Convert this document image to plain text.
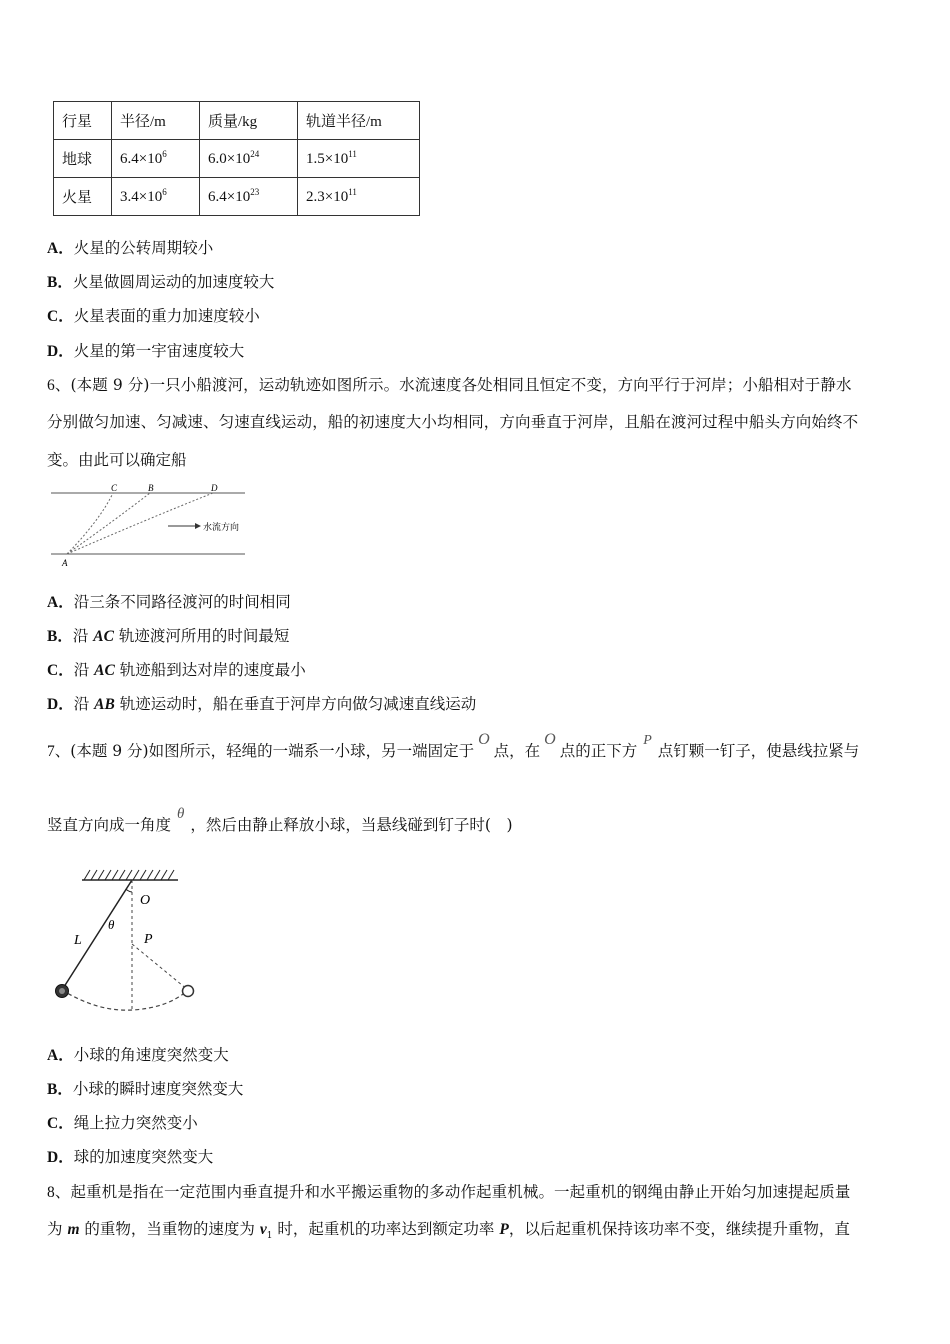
行星	半径/m	质量/kg	轨道半径/m
地球	$6.4\times 10^6$	$6.0\times 10^{24}$	$1.5\times 10^{11}$
火星	$3.4\times 10^6$	$6.4\times 10^{23}$	$2.3\times 10^{11}$
A．火星的公转周期较小
B．火星做圆周运动的加速度较大
C．火星表面的重力加速度较小
D．火星的第一宇宙速度较大
6、(本题 9 分)一只小船渡河，运动轨迹如图所示。水流速度各处相同且恒定不变，方向平行于河岸；小船相对于静水
分别做匀加速、匀减速、匀速直线运动，船的初速度大小均相同，方向垂直于河岸，且船在渡河过程中船头方向始终不
变。由此可以确定船
C	B	D
A
水流方向
A．沿三条不同路径渡河的时间相同
B．沿 AC 轨迹渡河所用的时间最短
C．沿 AC 轨迹船到达对岸的速度最小
D．沿 AB 轨迹运动时，船在垂直于河岸方向做匀减速直线运动
7、(本题 9 分)如图所示，轻绳的一端系一小球，另一端固定于O点，在O点的正下方P点钉颗一钉子，使悬线拉紧与
竖直方向成一角度θ，然后由静止释放小球，当悬线碰到钉子时(　)
O
θ
L	P
A．小球的角速度突然变大
B．小球的瞬时速度突然变大
C．绳上拉力突然变小
D．球的加速度突然变大
8、起重机是指在一定范围内垂直提升和水平搬运重物的多动作起重机械。一起重机的钢绳由静止开始匀加速提起质量
为 m 的重物，当重物的速度为 $v_1$ 时，起重机的功率达到额定功率 P，以后起重机保持该功率不变，继续提升重物，直
